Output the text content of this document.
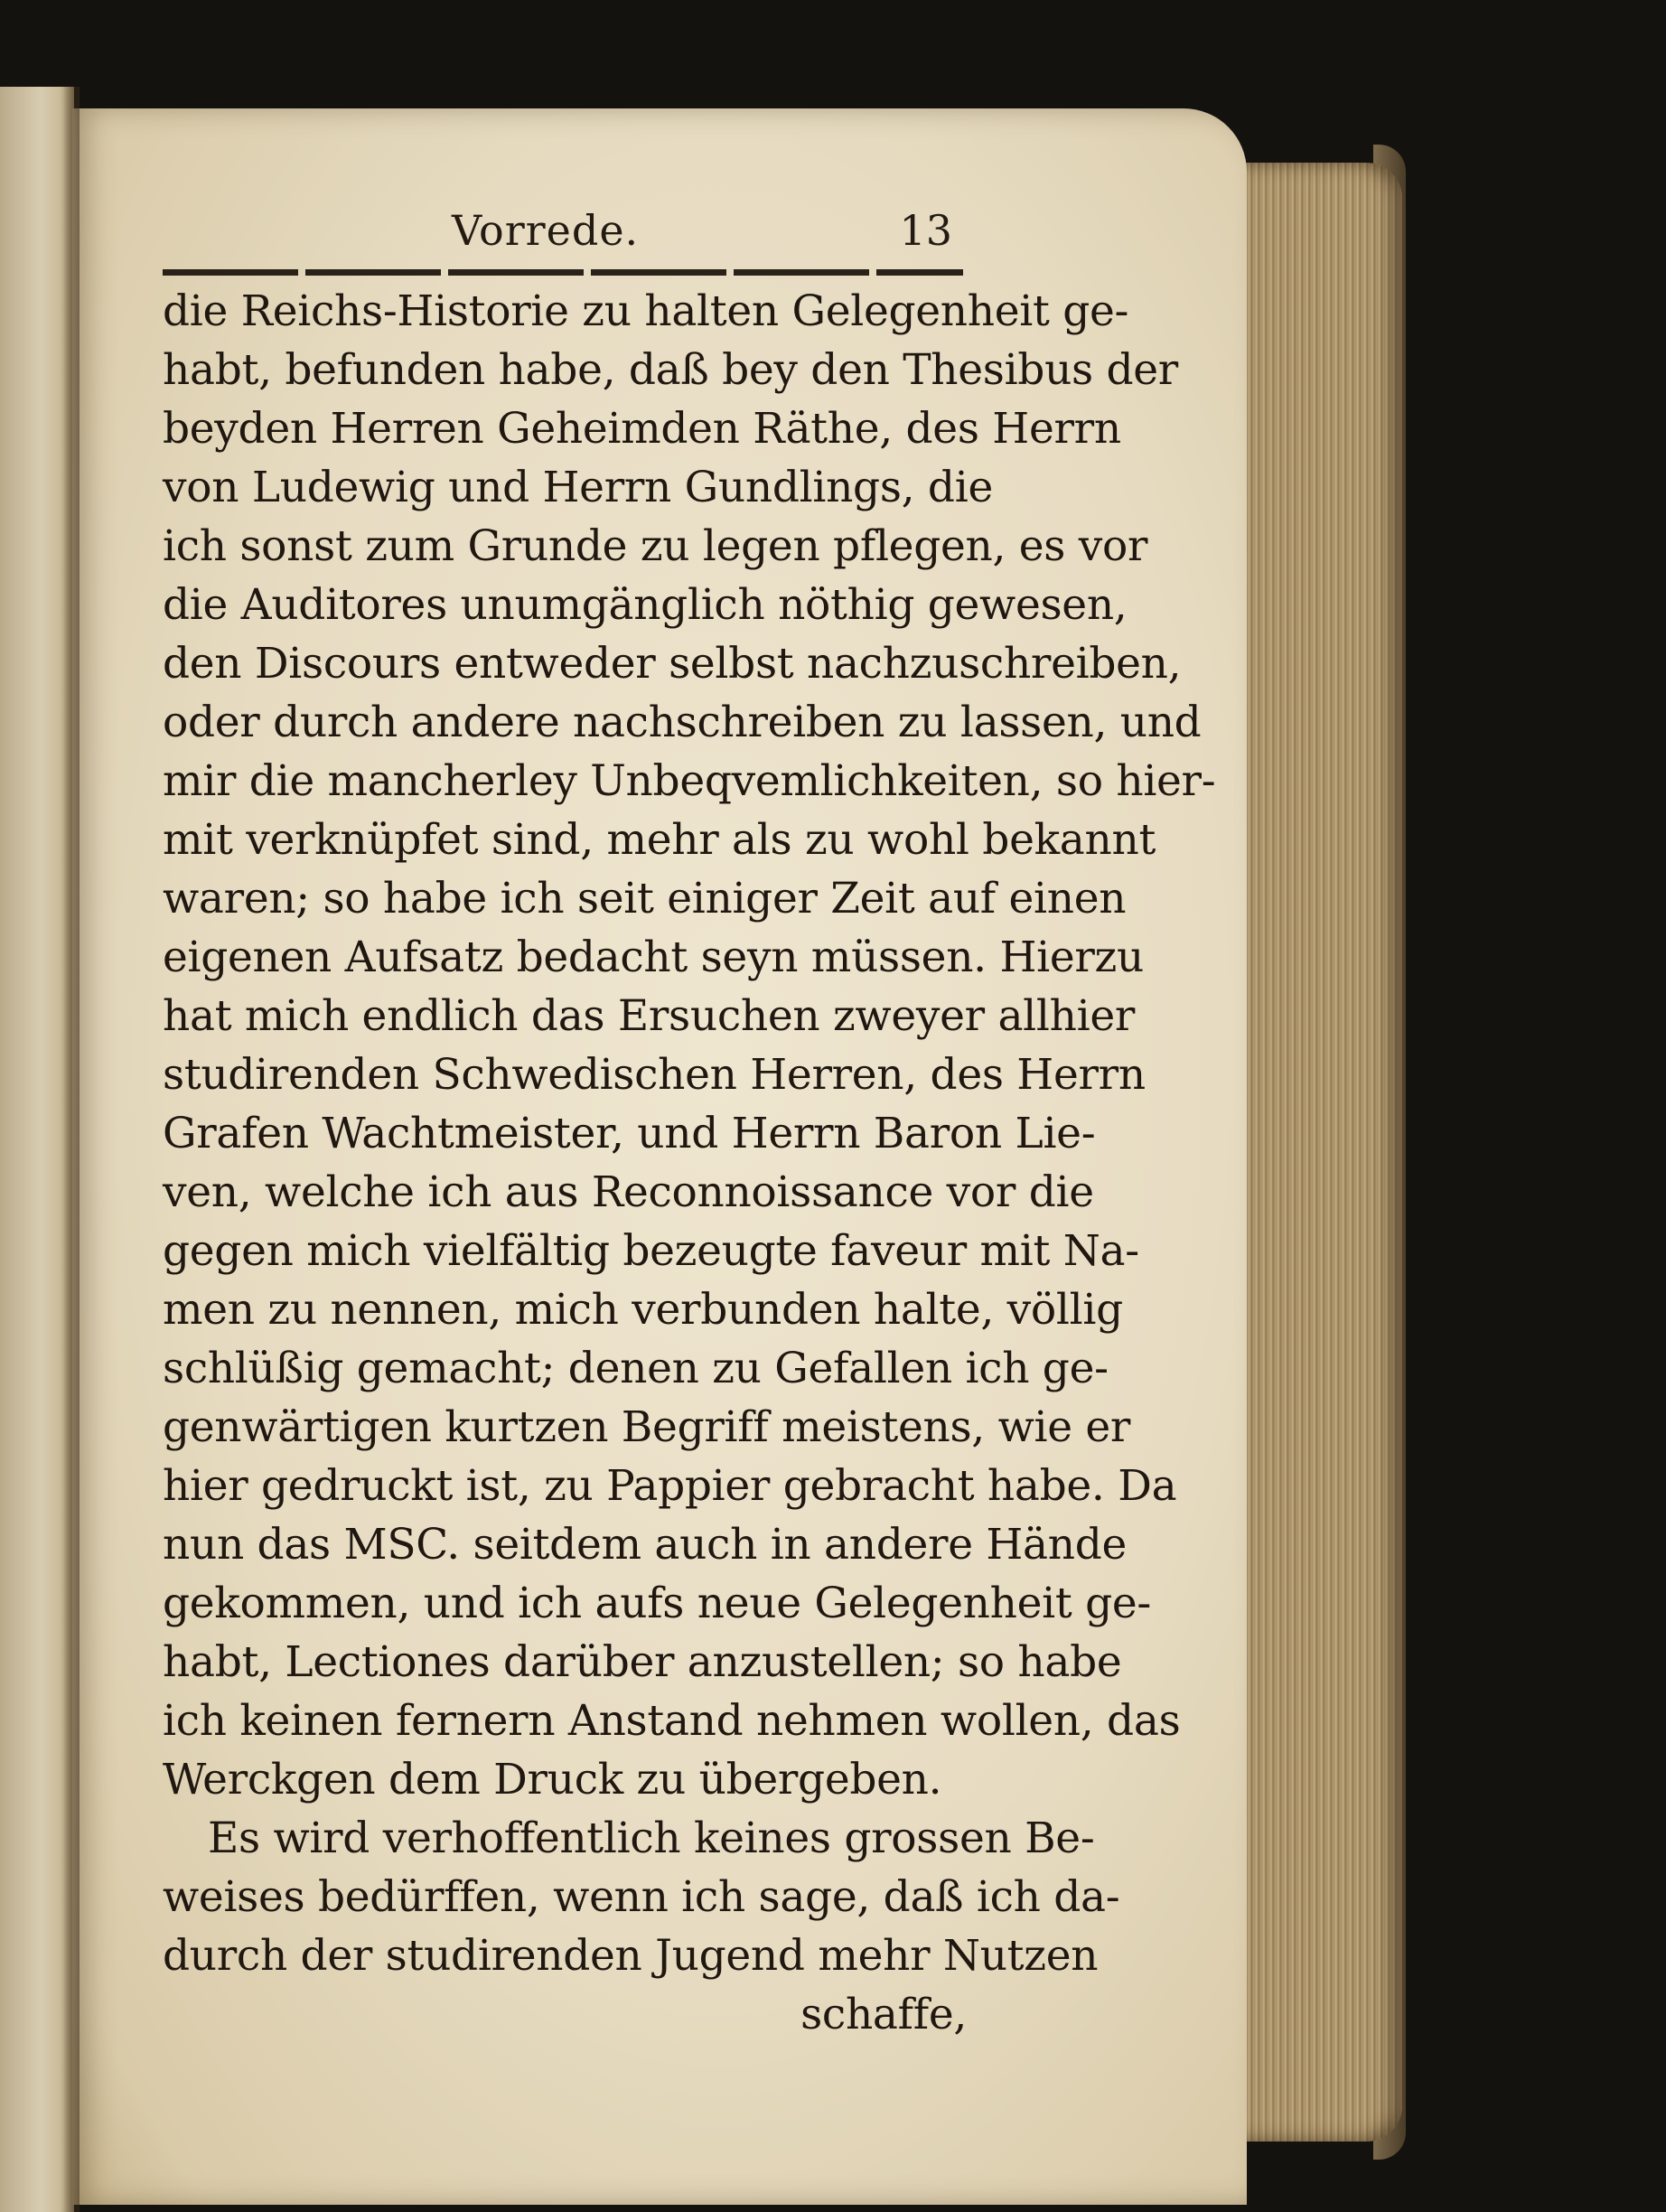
Vorrede.	13
die Reichs-Historie zu halten Gelegenheit ge-
habt, befunden habe, daß bey den Thesibus der
beyden Herren Geheimden Räthe, des Herrn
von Ludewig und Herrn Gundlings, die
ich sonst zum Grunde zu legen pflegen, es vor
die Auditores unumgänglich nöthig gewesen,
den Discours entweder selbst nachzuschreiben,
oder durch andere nachschreiben zu lassen, und
mir die mancherley Unbeqvemlichkeiten, so hier-
mit verknüpfet sind, mehr als zu wohl bekannt
waren; so habe ich seit einiger Zeit auf einen
eigenen Aufsatz bedacht seyn müssen. Hierzu
hat mich endlich das Ersuchen zweyer allhier
studirenden Schwedischen Herren, des Herrn
Grafen Wachtmeister, und Herrn Baron Lie-
ven, welche ich aus Reconnoissance vor die
gegen mich vielfältig bezeugte faveur mit Na-
men zu nennen, mich verbunden halte, völlig
schlüßig gemacht; denen zu Gefallen ich ge-
genwärtigen kurtzen Begriff meistens, wie er
hier gedruckt ist, zu Pappier gebracht habe. Da
nun das MSC. seitdem auch in andere Hände
gekommen, und ich aufs neue Gelegenheit ge-
habt, Lectiones darüber anzustellen; so habe
ich keinen fernern Anstand nehmen wollen, das
Werckgen dem Druck zu übergeben.
Es wird verhoffentlich keines grossen Be-
weises bedürffen, wenn ich sage, daß ich da-
durch der studirenden Jugend mehr Nutzen
schaffe,
